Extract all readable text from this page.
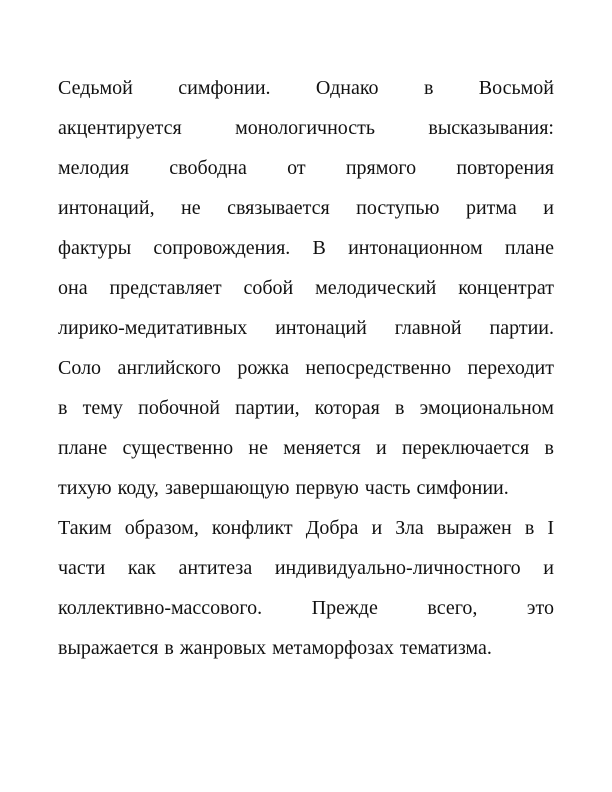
Седьмой симфонии. Однако в Восьмой
акцентируется	монологичность	высказывания:
мелодия свободна от прямого повторения
интонаций, не связывается поступью ритма и
фактуры сопровождения. В интонационном плане
она представляет собой мелодический концентрат
лирико-медитативных интонаций главной партии.
Соло английского рожка непосредственно переходит
в тему побочной партии, которая в эмоциональном
плане существенно не меняется и переключается в
тихую коду, завершающую первую часть симфонии.
Таким образом, конфликт Добра и Зла выражен в I
части как антитеза индивидуально-личностного и
коллективно-массового. Прежде всего, это
выражается в жанровых метаморфозах тематизма.
